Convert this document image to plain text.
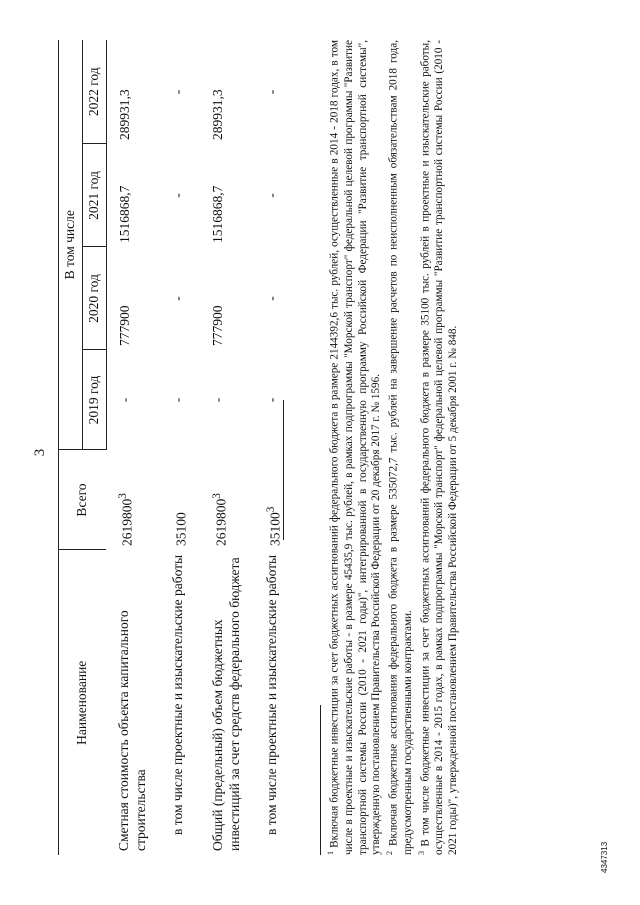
3
Наименование	Всего	В том числе			
		2019 год	2020 год	2021 год	2022 год
Сметная стоимость объекта капитального строительства	2619800$^3$	-	777900	1516868,7	289931,3
в том числе проектные и изыскательские работы	35100	-	-	-	-
Общий (предельный) объем бюджетных инвестиций за счет средств федерального бюджета	2619800$^3$	-	777900	1516868,7	289931,3
в том числе проектные и изыскательские работы	35100$^3$	-	-	-	-

$^1$ Включая бюджетные инвестиции за счет бюджетных ассигнований федерального бюджета в размере 2144392,6 тыс. рублей, осуществленные в 2014 - 2018 годах, в том числе в проектные и изыскательские работы - в размере 45435,9 тыс. рублей, в рамках подпрограммы "Морской транспорт" федеральной целевой программы "Развитие транспортной системы России (2010 - 2021 годы)", интегрированной в государственную программу Российской Федерации "Развитие транспортной системы", утвержденную постановлением Правительства Российской Федерации от 20 декабря 2017 г. № 1596. $^2$ Включая бюджетные ассигнования федерального бюджета в размере 535072,7 тыс. рублей на завершение расчетов по неисполненным обязательствам 2018 года, предусмотренным государственными контрактами. $^3$ В том числе бюджетные инвестиции за счет бюджетных ассигнований федерального бюджета в размере 35100 тыс. рублей в проектные и изыскательские работы, осуществленные в 2014 - 2015 годах, в рамках подпрограммы "Морской транспорт" федеральной целевой программы "Развитие транспортной системы России (2010 - 2021 годы)", утвержденной постановлением Правительства Российской Федерации от 5 декабря 2001 г. № 848.

4347313
